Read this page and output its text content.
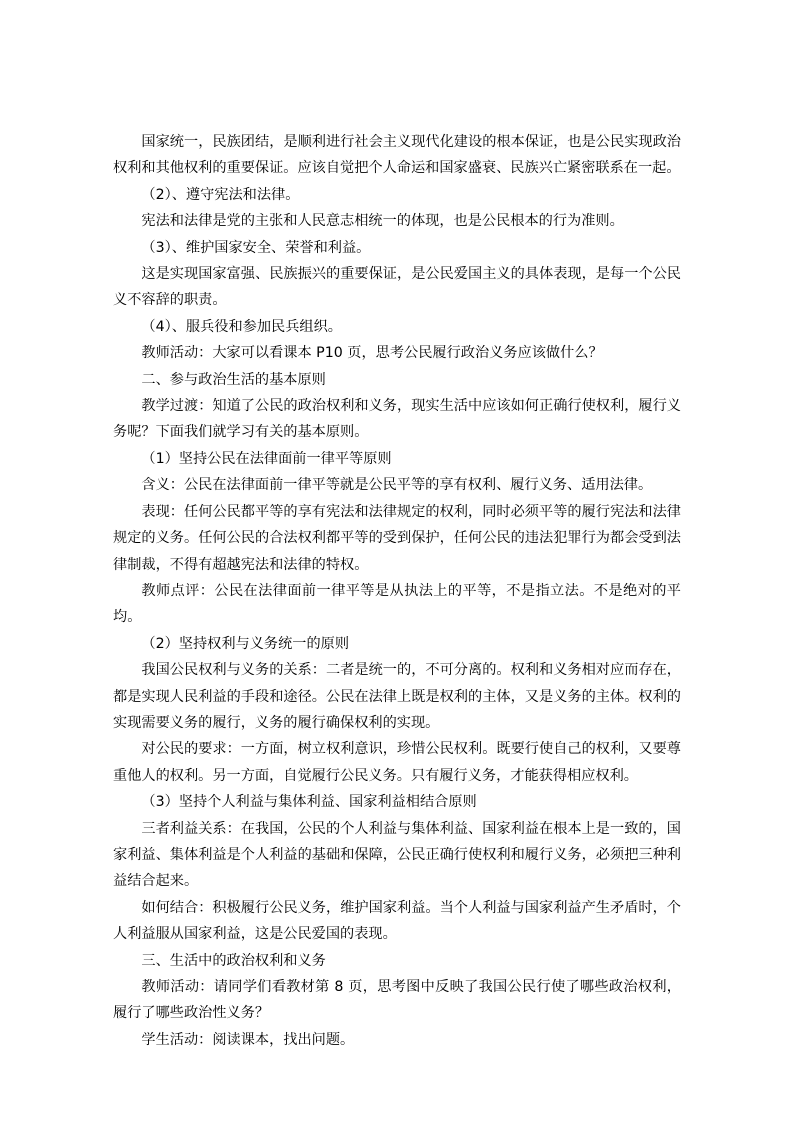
国家统一，民族团结，是顺利进行社会主义现代化建设的根本保证，也是公民实现政治权利和其他权利的重要保证。应该自觉把个人命运和国家盛衰、民族兴亡紧密联系在一起。

（2）、遵守宪法和法律。

宪法和法律是党的主张和人民意志相统一的体现，也是公民根本的行为准则。

（3）、维护国家安全、荣誉和利益。

这是实现国家富强、民族振兴的重要保证，是公民爱国主义的具体表现，是每一个公民义不容辞的职责。

（4）、服兵役和参加民兵组织。

教师活动：大家可以看课本 P10 页，思考公民履行政治义务应该做什么？

二、参与政治生活的基本原则

教学过渡：知道了公民的政治权利和义务，现实生活中应该如何正确行使权利，履行义务呢？下面我们就学习有关的基本原则。

（1）坚持公民在法律面前一律平等原则

含义：公民在法律面前一律平等就是公民平等的享有权利、履行义务、适用法律。

表现：任何公民都平等的享有宪法和法律规定的权利，同时必须平等的履行宪法和法律规定的义务。任何公民的合法权利都平等的受到保护，任何公民的违法犯罪行为都会受到法律制裁，不得有超越宪法和法律的特权。

教师点评：公民在法律面前一律平等是从执法上的平等，不是指立法。不是绝对的平均。

（2）坚持权利与义务统一的原则

我国公民权利与义务的关系：二者是统一的，不可分离的。权利和义务相对应而存在，都是实现人民利益的手段和途径。公民在法律上既是权利的主体，又是义务的主体。权利的实现需要义务的履行，义务的履行确保权利的实现。

对公民的要求：一方面，树立权利意识，珍惜公民权利。既要行使自己的权利，又要尊重他人的权利。另一方面，自觉履行公民义务。只有履行义务，才能获得相应权利。

（3）坚持个人利益与集体利益、国家利益相结合原则

三者利益关系：在我国，公民的个人利益与集体利益、国家利益在根本上是一致的，国家利益、集体利益是个人利益的基础和保障，公民正确行使权利和履行义务，必须把三种利益结合起来。

如何结合：积极履行公民义务，维护国家利益。当个人利益与国家利益产生矛盾时，个人利益服从国家利益，这是公民爱国的表现。

三、生活中的政治权利和义务

教师活动：请同学们看教材第 8 页，思考图中反映了我国公民行使了哪些政治权利，履行了哪些政治性义务？

学生活动：阅读课本，找出问题。
